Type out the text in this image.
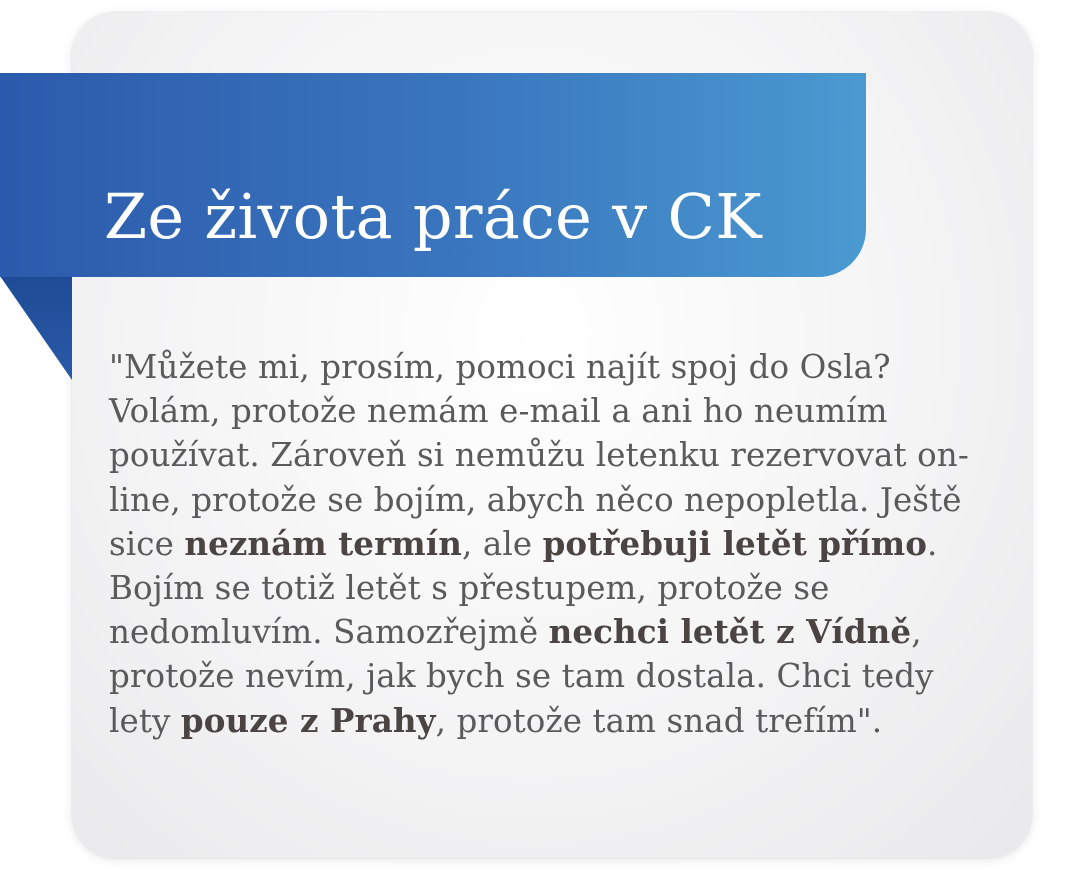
Ze života práce v CK

"Můžete mi, prosím, pomoci najít spoj do Osla? Volám, protože nemám e-mail a ani ho neumím používat. Zároveň si nemůžu letenku rezervovat on-line, protože se bojím, abych něco nepopletla. Ještě sice neznám termín, ale potřebuji letět přímo. Bojím se totiž letět s přestupem, protože se nedomluvím. Samozřejmě nechci letět z Vídně, protože nevím, jak bych se tam dostala. Chci tedy lety pouze z Prahy, protože tam snad trefím".
